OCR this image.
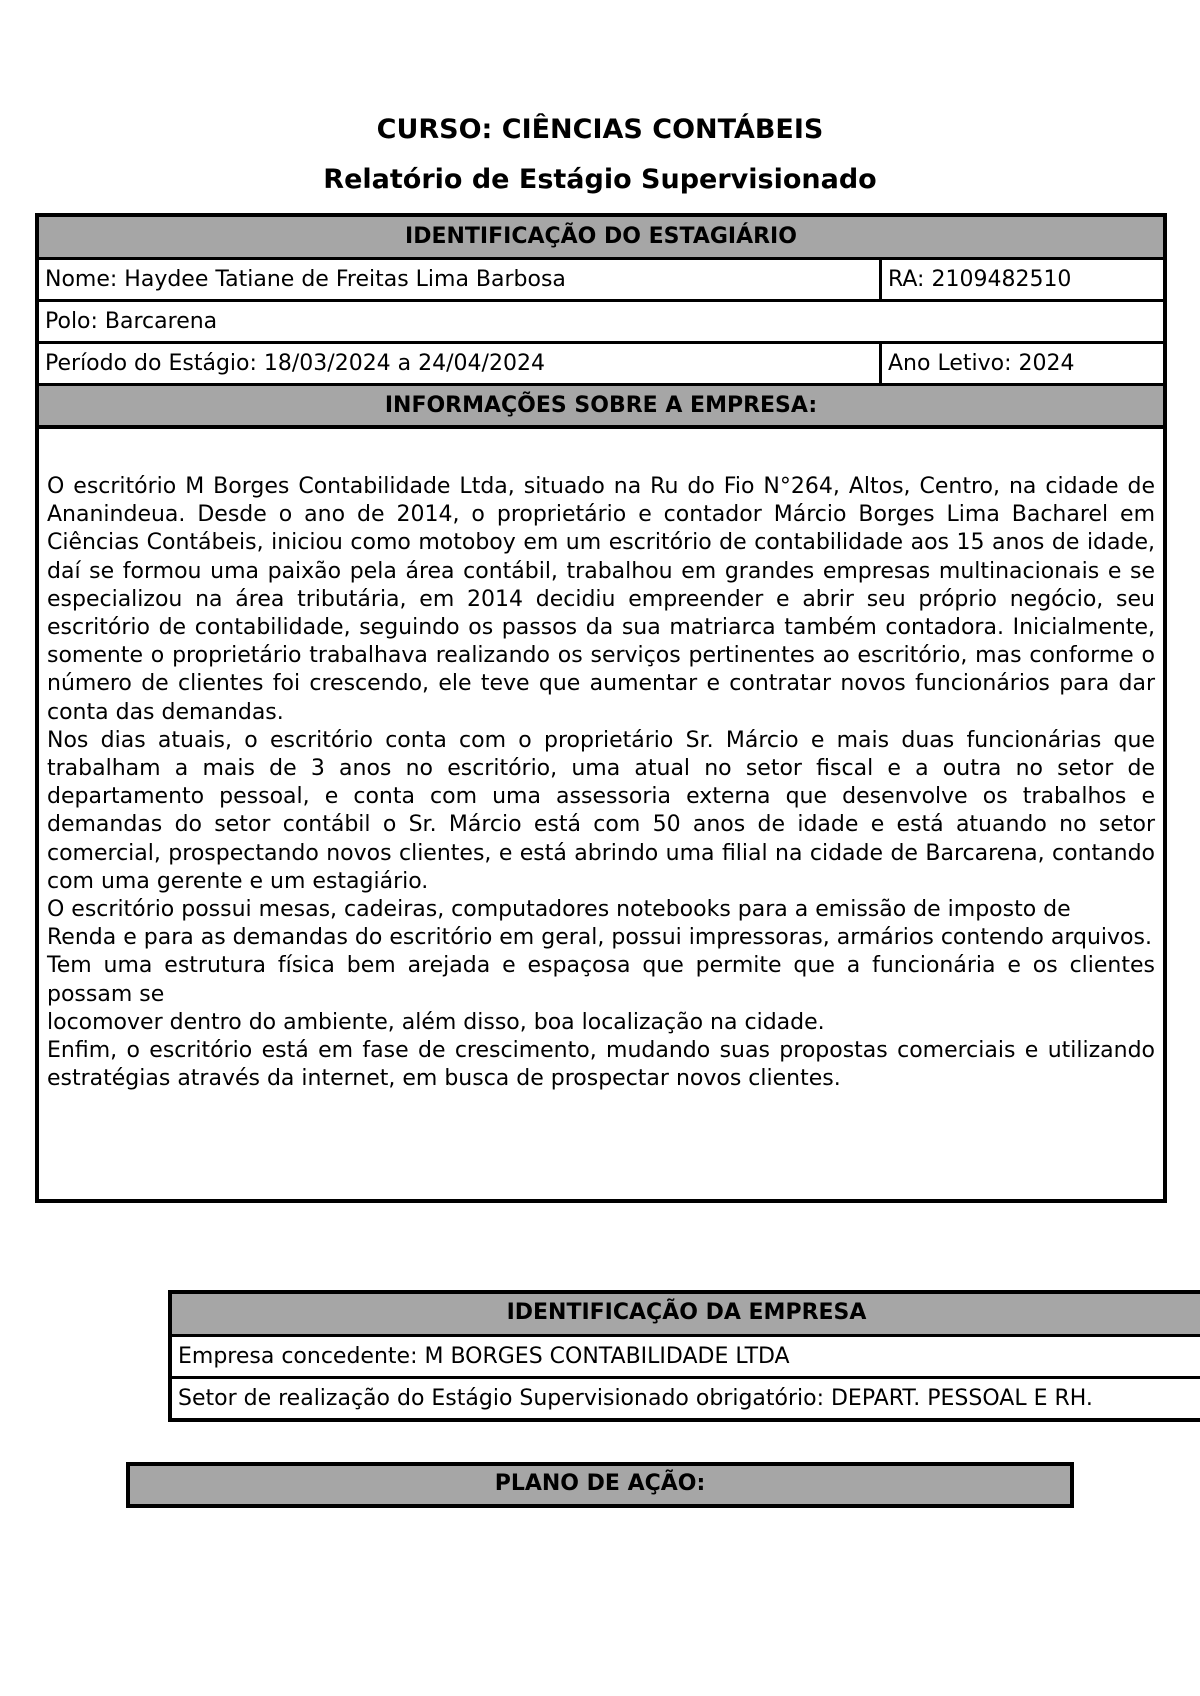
CURSO: CIÊNCIAS CONTÁBEIS
Relatório de Estágio Supervisionado
IDENTIFICAÇÃO DO ESTAGIÁRIO
Nome: Haydee Tatiane de Freitas Lima Barbosa	RA: 2109482510
Polo: Barcarena
Período do Estágio: 18/03/2024 a 24/04/2024	Ano Letivo: 2024
INFORMAÇÕES SOBRE A EMPRESA:

O escritório M Borges Contabilidade Ltda, situado na Ru do Fio N°264, Altos, Centro, na cidade de Ananindeua. Desde o ano de 2014, o proprietário e contador Márcio Borges Lima Bacharel em Ciências Contábeis, iniciou como motoboy em um escritório de contabilidade aos 15 anos de idade, daí se formou uma paixão pela área contábil, trabalhou em grandes empresas multinacionais e se especializou na área tributária, em 2014 decidiu empreender e abrir seu próprio negócio, seu escritório de contabilidade, seguindo os passos da sua matriarca também contadora. Inicialmente, somente o proprietário trabalhava realizando os serviços pertinentes ao escritório, mas conforme o número de clientes foi crescendo, ele teve que aumentar e contratar novos funcionários para dar conta das demandas.

Nos dias atuais, o escritório conta com o proprietário Sr. Márcio e mais duas funcionárias que trabalham a mais de 3 anos no escritório, uma atual no setor fiscal e a outra no setor de departamento pessoal, e conta com uma assessoria externa que desenvolve os trabalhos e demandas do setor contábil o Sr. Márcio está com 50 anos de idade e está atuando no setor comercial, prospectando novos clientes, e está abrindo uma filial na cidade de Barcarena, contando com uma gerente e um estagiário.

O escritório possui mesas, cadeiras, computadores notebooks para a emissão de imposto de

Renda e para as demandas do escritório em geral, possui impressoras, armários contendo arquivos.

Tem uma estrutura física bem arejada e espaçosa que permite que a funcionária e os clientes possam se

locomover dentro do ambiente, além disso, boa localização na cidade.

Enfim, o escritório está em fase de crescimento, mudando suas propostas comerciais e utilizando estratégias através da internet, em busca de prospectar novos clientes.

IDENTIFICAÇÃO DA EMPRESA
Empresa concedente: M BORGES CONTABILIDADE LTDA
Setor de realização do Estágio Supervisionado obrigatório: DEPART. PESSOAL E RH.
PLANO DE AÇÃO:
